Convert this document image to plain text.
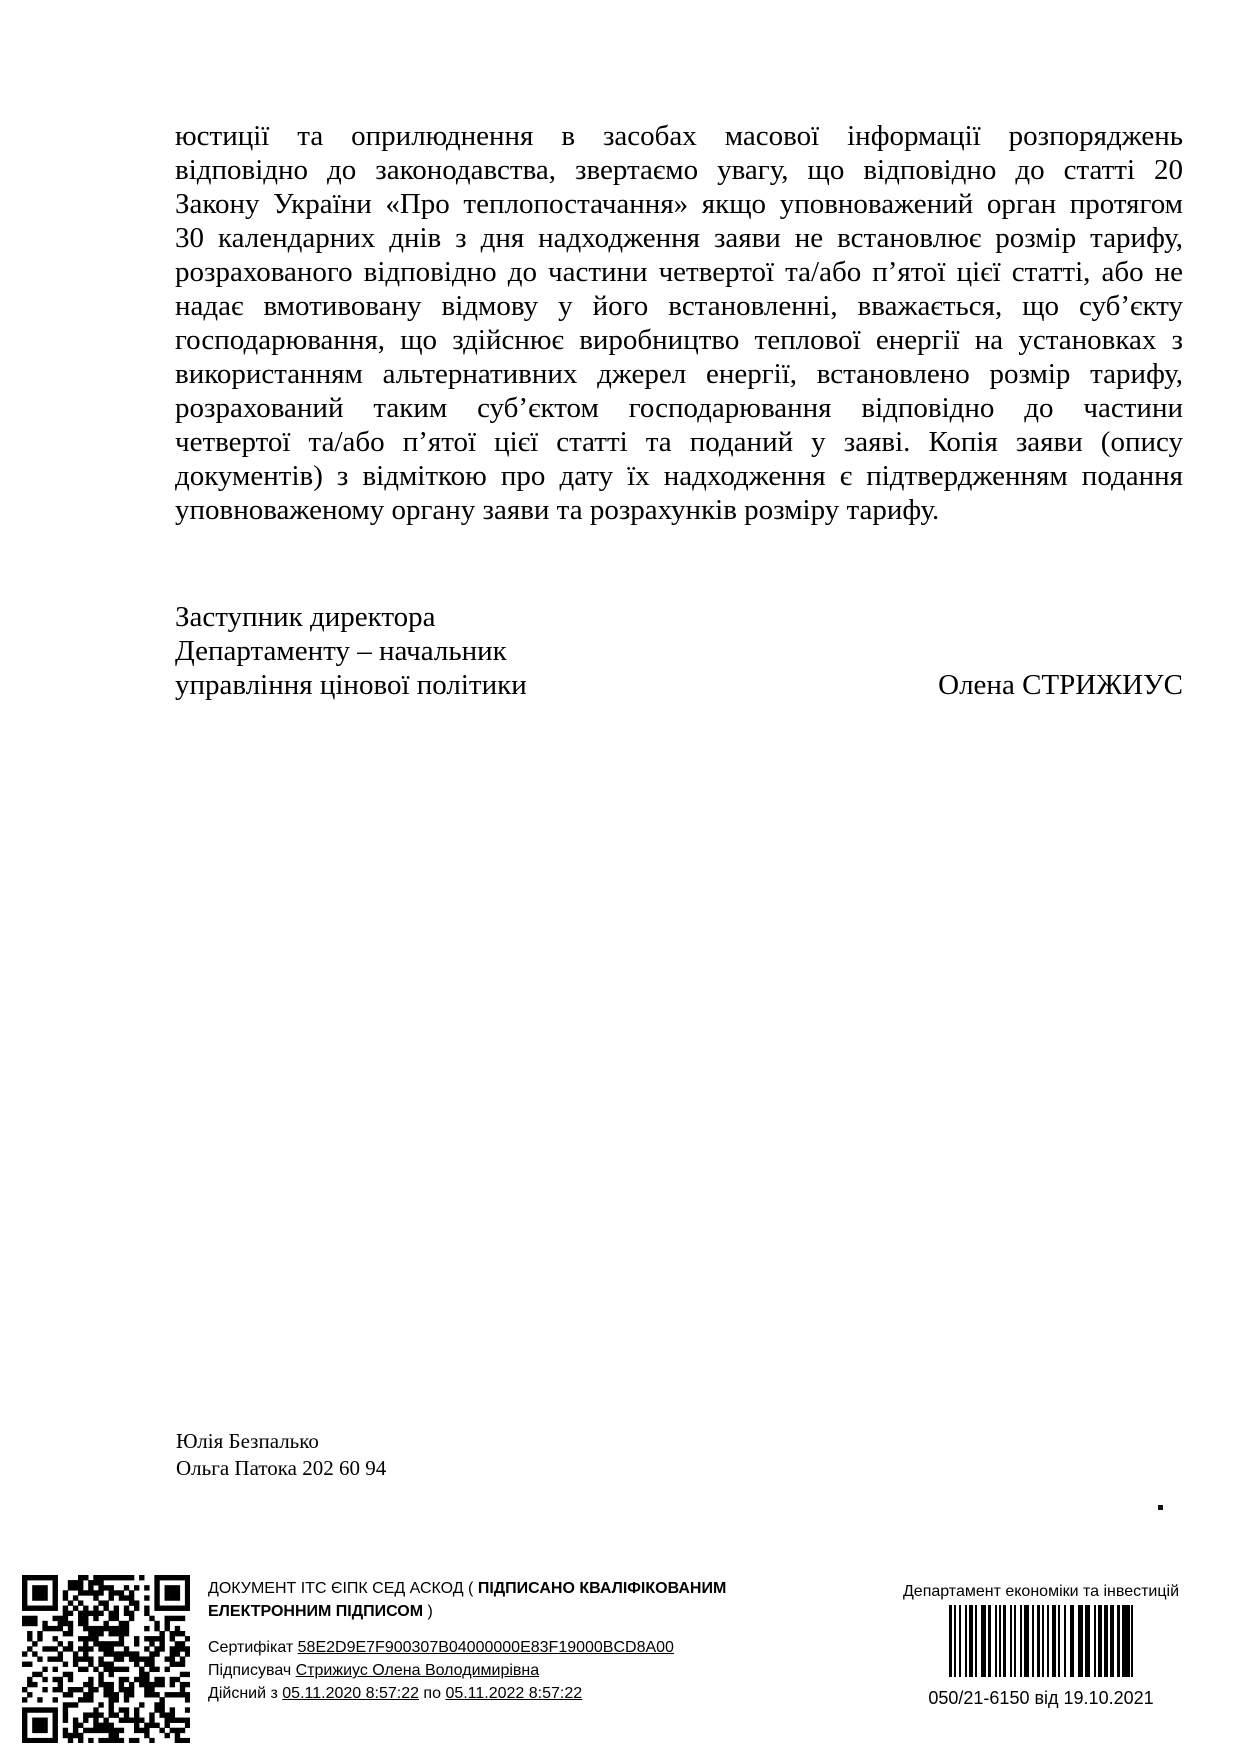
юстиції та оприлюднення в засобах масової інформації розпоряджень
відповідно до законодавства, звертаємо увагу, що відповідно до статті 20
Закону України «Про теплопостачання» якщо уповноважений орган протягом
30 календарних днів з дня надходження заяви не встановлює розмір тарифу,
розрахованого відповідно до частини четвертої та/або п’ятої цієї статті, або не
надає вмотивовану відмову у його встановленні, вважається, що суб’єкту
господарювання, що здійснює виробництво теплової енергії на установках з
використанням альтернативних джерел енергії, встановлено розмір тарифу,
розрахований таким суб’єктом господарювання відповідно до частини
четвертої та/або п’ятої цієї статті та поданий у заяві. Копія заяви (опису
документів) з відміткою про дату їх надходження є підтвердженням подання
уповноваженому органу заяви та розрахунків розміру тарифу.
Заступник директора
Департаменту – начальник
управління цінової політики	Олена СТРИЖИУС
Юлія Безпалько
Ольга Патока 202 60 94
ДОКУМЕНТ ІТС ЄІПК СЕД АСКОД ( ПІДПИСАНО КВАЛІФІКОВАНИМ
ЕЛЕКТРОННИМ ПІДПИСОМ )
Сертифікат 58E2D9E7F900307B04000000E83F19000BCD8A00
Підписувач Стрижиус Олена Володимирівна
Дійсний з 05.11.2020 8:57:22 по 05.11.2022 8:57:22
Департамент економіки та інвестицій
050/21-6150 від 19.10.2021
